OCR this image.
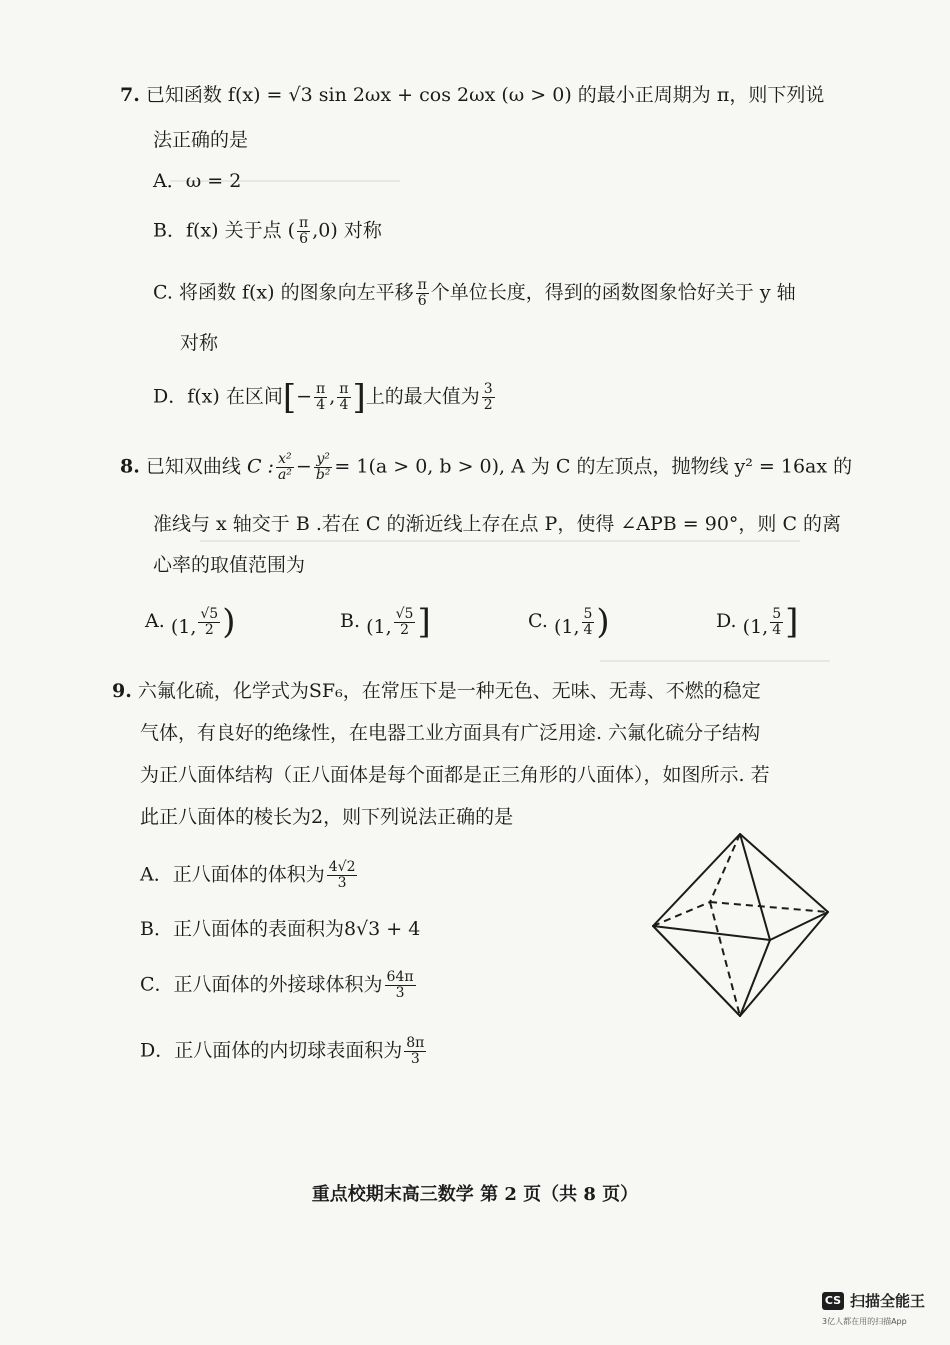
7. 已知函数 f(x) = √3 sin 2ωx + cos 2ωx (ω > 0) 的最小正周期为 π，则下列说
法正确的是
A．ω = 2
B．f(x) 关于点 ( $\frac{\pi}{6} ,0$) 对称
C. 将函数 f(x) 的图象向左平移 $\frac{\pi}{6}$ 个单位长度，得到的函数图象恰好关于 y 轴
对称
D．f(x) 在区间[− $\frac{\pi}{4}$ , $\frac{\pi}{4}$ ]上的最大值为 $\frac{3}{2}$
8. 已知双曲线 C : $\frac{\text{x²}}{\text{a²}} - \frac{\text{y²}}{\text{b²}} = 1(a > 0$, b > 0), A 为 C 的左顶点，抛物线 y² = 16ax 的
准线与 x 轴交于 B .若在 C 的渐近线上存在点 P，使得 ∠APB = 90°，则 C 的离
心率的取值范围为
A. (1, $\frac{√5}{2}$ )	B. (1, $\frac{√5}{2}$ ]	C. (1, $\frac{5}{4}$ )	D. (1, $\frac{5}{4}$ ]
9. 六氟化硫，化学式为SF₆，在常压下是一种无色、无味、无毒、不燃的稳定
气体，有良好的绝缘性，在电器工业方面具有广泛用途. 六氟化硫分子结构
为正八面体结构（正八面体是每个面都是正三角形的八面体），如图所示. 若
此正八面体的棱长为2，则下列说法正确的是
A．正八面体的体积为 $\frac{4√2}{3}$
B．正八面体的表面积为8√3 + 4
C．正八面体的外接球体积为 $\frac{64\pi}{3}$
D．正八面体的内切球表面积为 $\frac{8\pi}{3}$
重点校期末高三数学 第 2 页（共 8 页）
CS 扫描全能王
3亿人都在用的扫描App
